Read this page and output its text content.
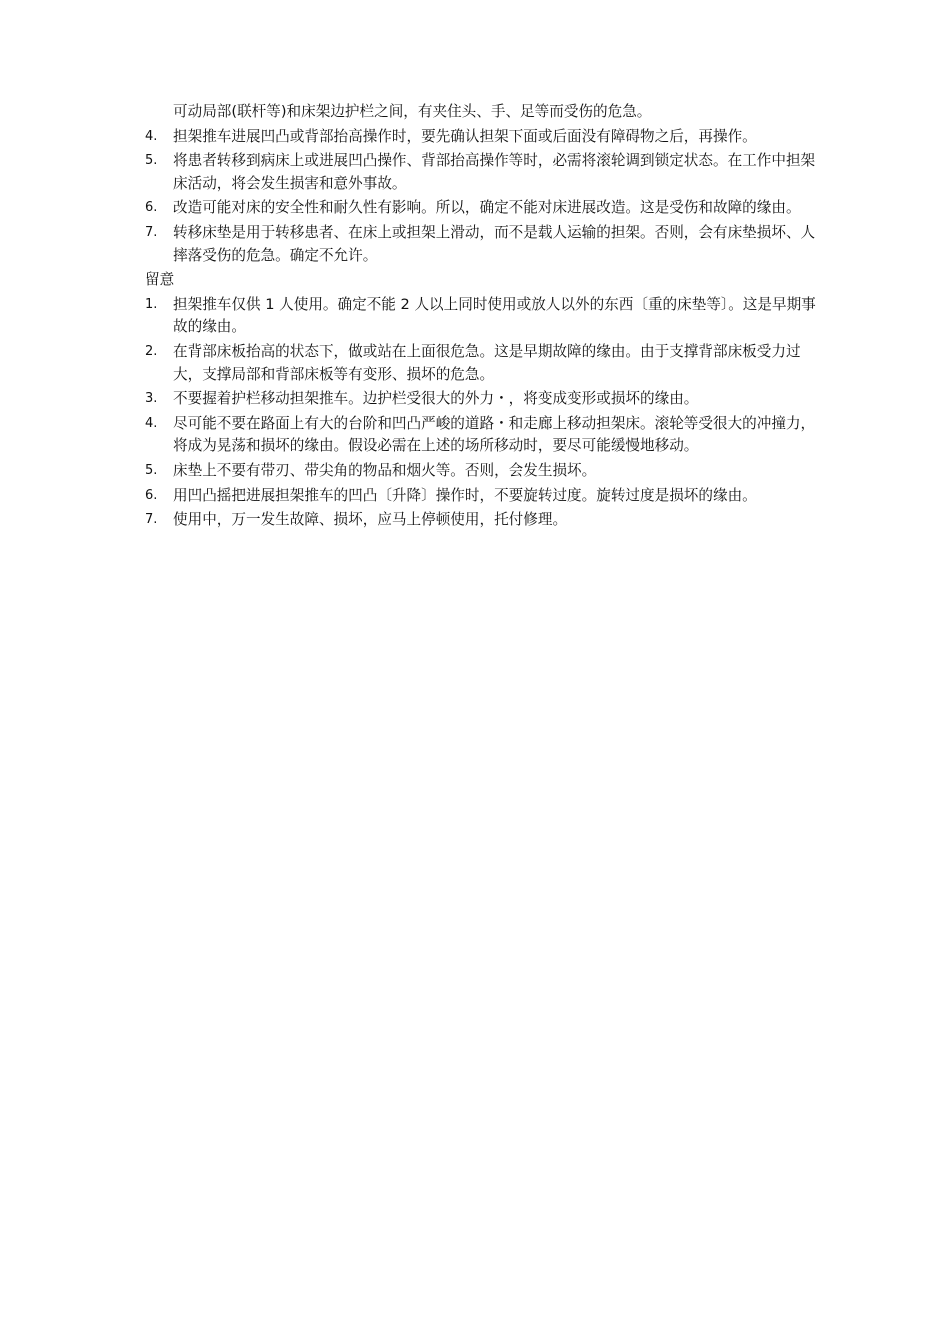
可动局部(联杆等)和床架边护栏之间，有夹住头、手、足等而受伤的危急。
4.	担架推车进展凹凸或背部抬高操作时，要先确认担架下面或后面没有障碍物之后，再操作。
5.	将患者转移到病床上或进展凹凸操作、背部抬高操作等时，必需将滚轮调到锁定状态。在工作中担架床活动，将会发生损害和意外事故。
6.	改造可能对床的安全性和耐久性有影响。所以，确定不能对床进展改造。这是受伤和故障的缘由。
7.	转移床垫是用于转移患者、在床上或担架上滑动，而不是载人运输的担架。否则，会有床垫损坏、人摔落受伤的危急。确定不允许。
留意
1.	担架推车仅供 1 人使用。确定不能 2 人以上同时使用或放人以外的东西〔重的床垫等〕。这是早期事故的缘由。
2.	在背部床板抬高的状态下，做或站在上面很危急。这是早期故障的缘由。由于支撑背部床板受力过大，支撑局部和背部床板等有变形、损坏的危急。
3.	不要握着护栏移动担架推车。边护栏受很大的外力・，将变成变形或损坏的缘由。
4.	尽可能不要在路面上有大的台阶和凹凸严峻的道路・和走廊上移动担架床。滚轮等受很大的冲撞力，将成为晃荡和损坏的缘由。假设必需在上述的场所移动时，要尽可能缓慢地移动。
5.	床垫上不要有带刃、带尖角的物品和烟火等。否则，会发生损坏。
6.	用凹凸摇把进展担架推车的凹凸〔升降〕操作时，不要旋转过度。旋转过度是损坏的缘由。
7.	使用中，万一发生故障、损坏，应马上停顿使用，托付修理。
